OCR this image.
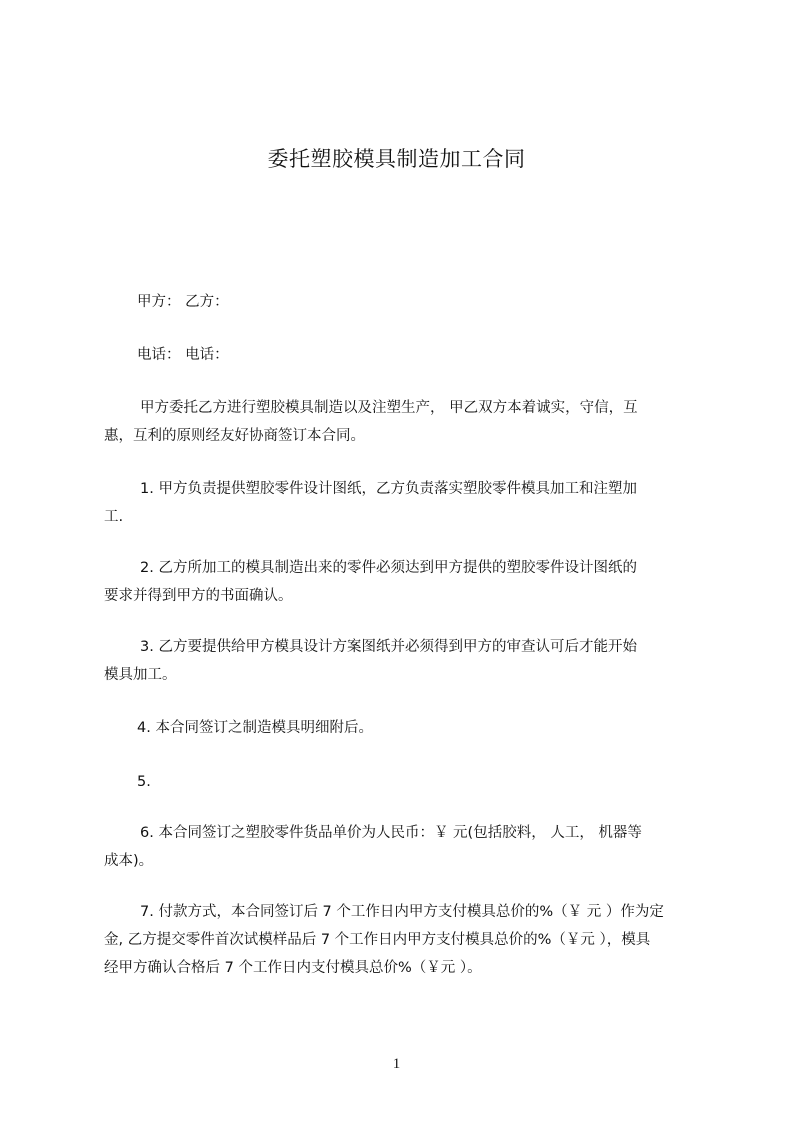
委托塑胶模具制造加工合同
甲方： 乙方：
电话： 电话：
甲方委托乙方进行塑胶模具制造以及注塑生产， 甲乙双方本着诚实，守信，互
惠，互利的原则经友好协商签订本合同。
1. 甲方负责提供塑胶零件设计图纸，乙方负责落实塑胶零件模具加工和注塑加
工.
2. 乙方所加工的模具制造出来的零件必须达到甲方提供的塑胶零件设计图纸的
要求并得到甲方的书面确认。
3. 乙方要提供给甲方模具设计方案图纸并必须得到甲方的审查认可后才能开始
模具加工。
4. 本合同签订之制造模具明细附后。
5.
6. 本合同签订之塑胶零件货品单价为人民币：￥ 元(包括胶料， 人工， 机器等
成本)。
7. 付款方式，本合同签订后 7 个工作日内甲方支付模具总价的%（￥ 元 ）作为定
金, 乙方提交零件首次试模样品后 7 个工作日内甲方支付模具总价的%（￥元 ），模具
经甲方确认合格后 7 个工作日内支付模具总价%（￥元 ）。
1
